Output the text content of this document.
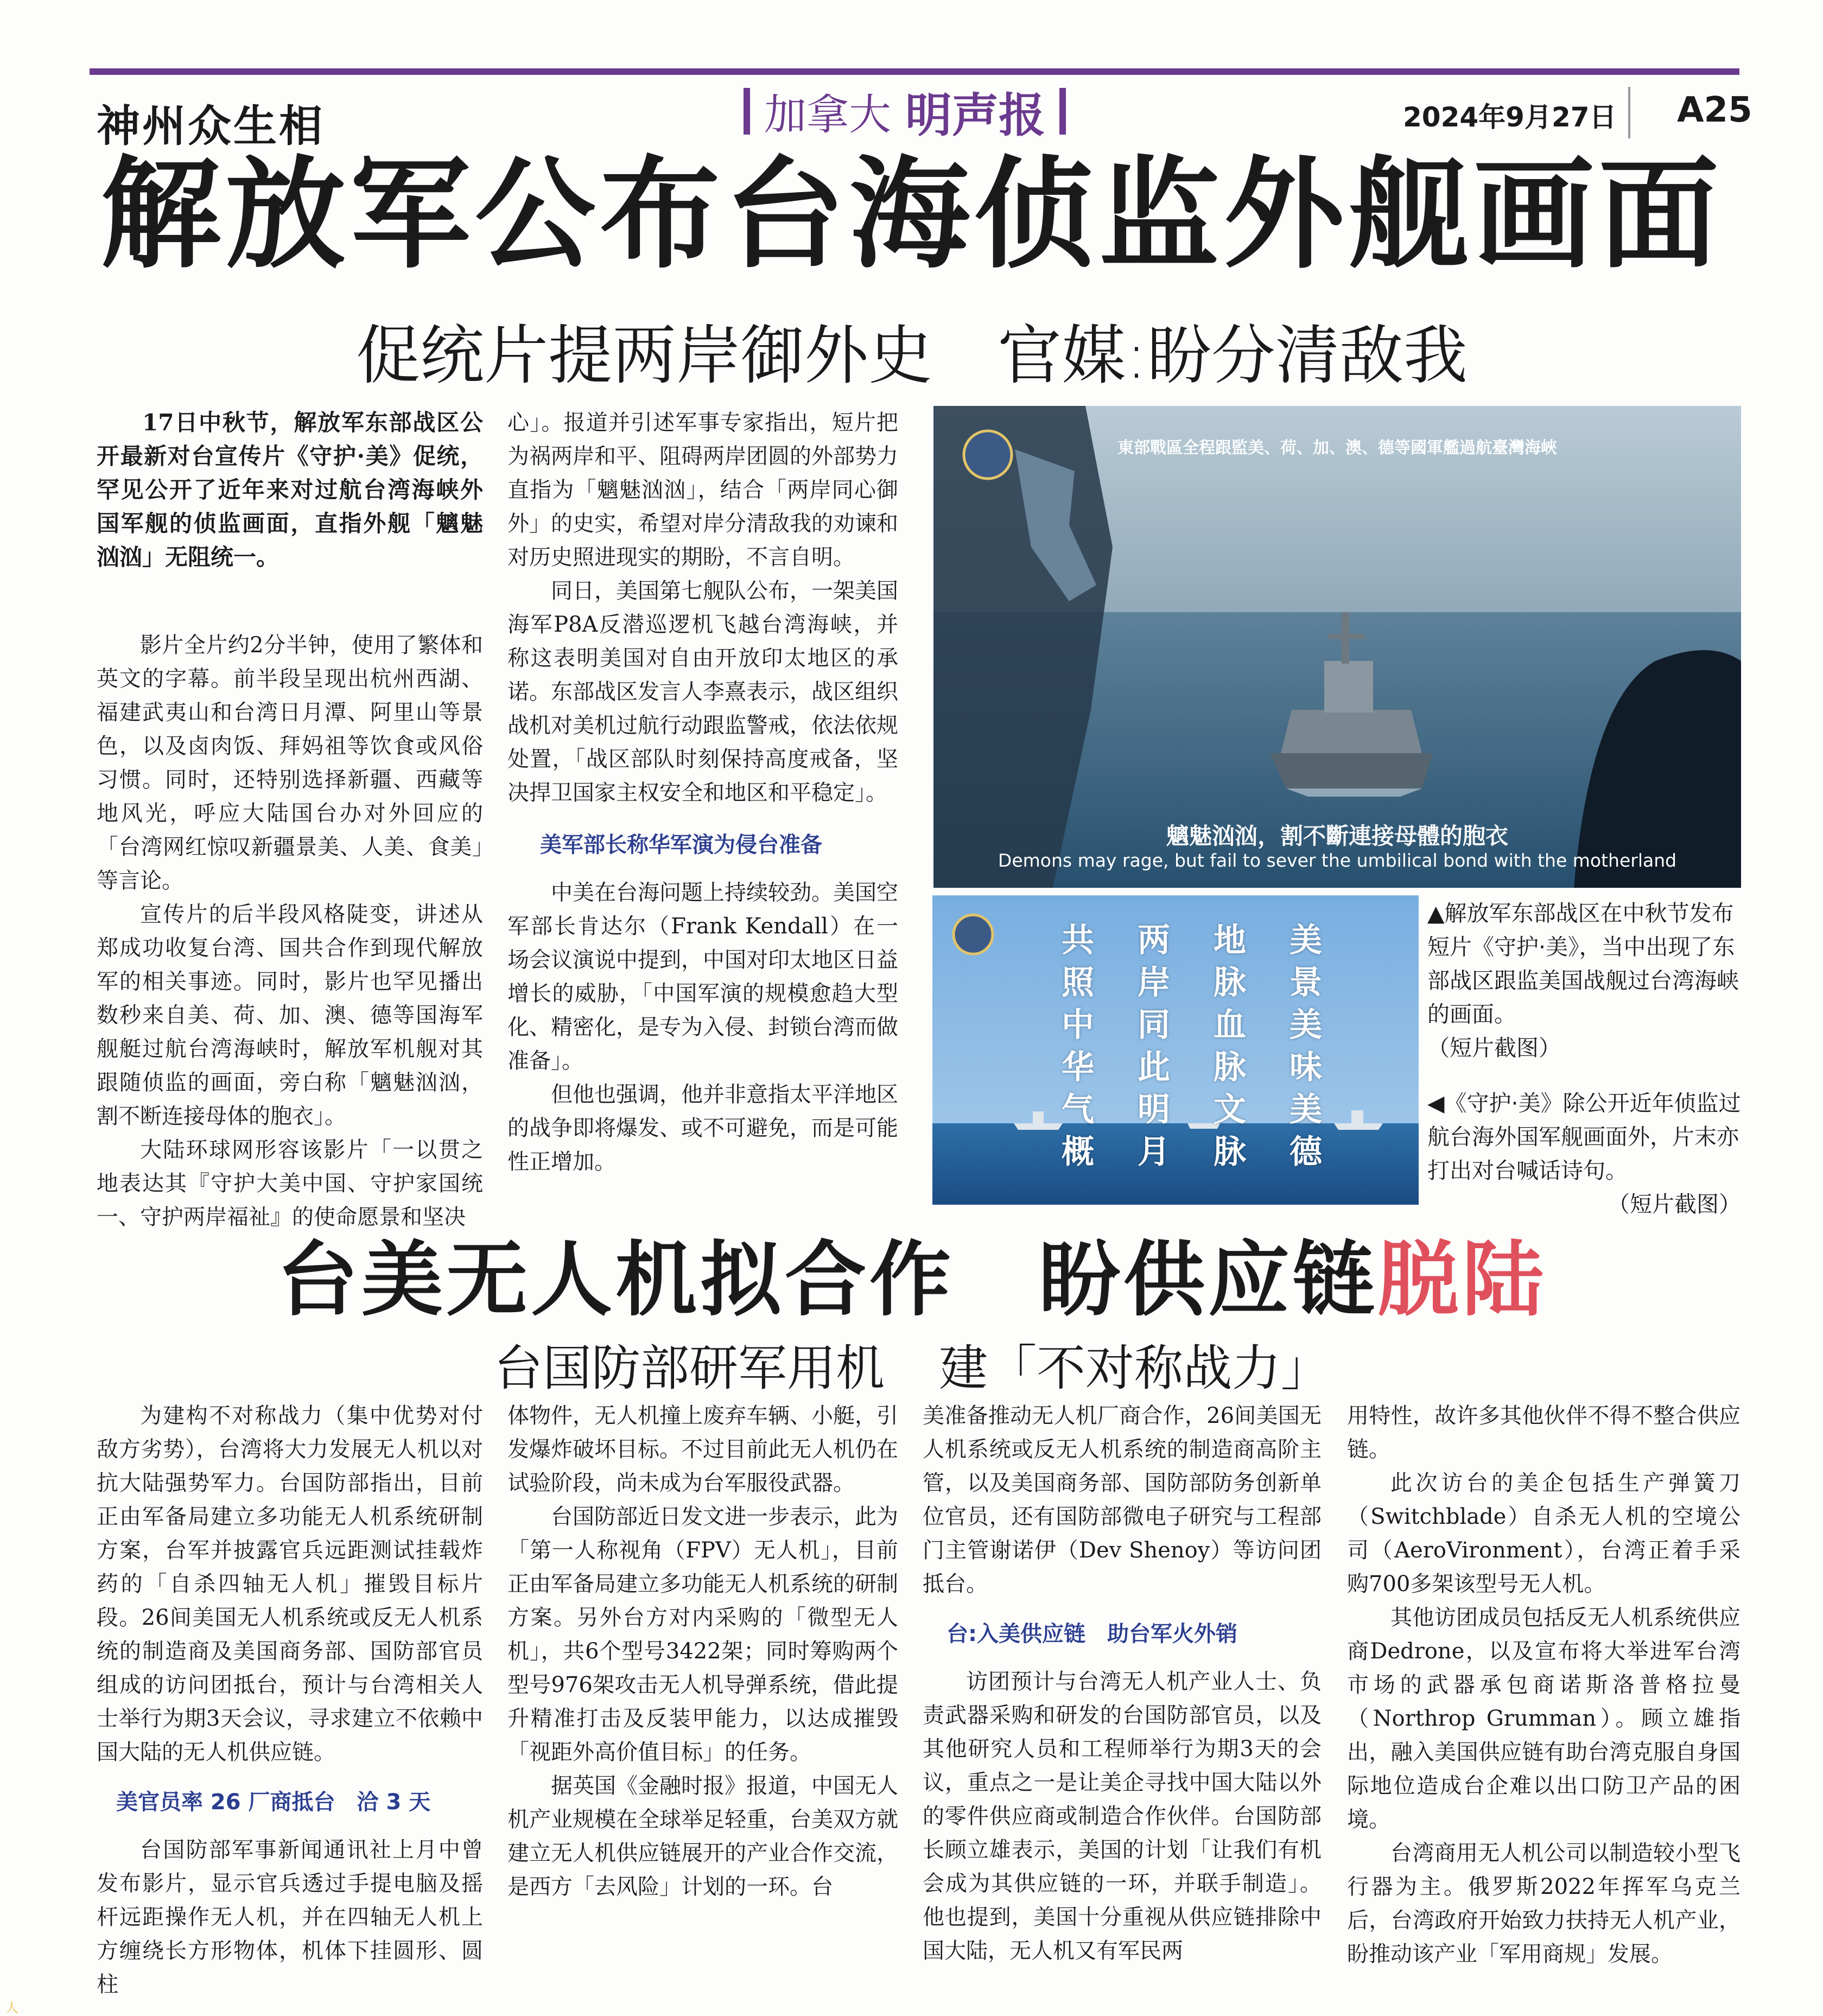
神州众生相	加拿大 明声报	2024年9月27日 A25
解放军公布台海侦监外舰画面
促统片提两岸御外史 官媒:盼分清敌我

17日中秋节，解放军东部战区公开最新对台宣传片《守护·美》促统，罕见公开了近年来对过航台湾海峡外国军舰的侦监画面，直指外舰「魑魅汹汹」无阻统一。

影片全片约2分半钟，使用了繁体和英文的字幕。前半段呈现出杭州西湖、福建武夷山和台湾日月潭、阿里山等景色，以及卤肉饭、拜妈祖等饮食或风俗习惯。同时，还特别选择新疆、西藏等地风光，呼应大陆国台办对外回应的「台湾网红惊叹新疆景美、人美、食美」等言论。

宣传片的后半段风格陡变，讲述从郑成功收复台湾、国共合作到现代解放军的相关事迹。同时，影片也罕见播出数秒来自美、荷、加、澳、德等国海军舰艇过航台湾海峡时，解放军机舰对其跟随侦监的画面，旁白称「魑魅汹汹，割不断连接母体的胞衣」。

大陆环球网形容该影片「一以贯之地表达其『守护大美中国、守护家国统一、守护两岸福祉』的使命愿景和坚决

心」。报道并引述军事专家指出，短片把为祸两岸和平、阻碍两岸团圆的外部势力直指为「魑魅汹汹」，结合「两岸同心御外」的史实，希望对岸分清敌我的劝谏和对历史照进现实的期盼，不言自明。

同日，美国第七舰队公布，一架美国海军P8A反潜巡逻机飞越台湾海峡，并称这表明美国对自由开放印太地区的承诺。东部战区发言人李熹表示，战区组织战机对美机过航行动跟监警戒，依法依规处置，「战区部队时刻保持高度戒备，坚决捍卫国家主权安全和地区和平稳定」。

美军部长称华军演为侵台准备

中美在台海问题上持续较劲。美国空军部长肯达尔（Frank Kendall）在一场会议演说中提到，中国对印太地区日益增长的威胁，「中国军演的规模愈趋大型化、精密化，是专为入侵、封锁台湾而做准备」。

但他也强调，他并非意指太平洋地区的战争即将爆发、或不可避免，而是可能性正增加。

東部戰區全程跟監美、荷、加、澳、德等國軍艦過航臺灣海峽
魑魅汹汹，割不斷連接母體的胞衣
Demons may rage, but fail to sever the umbilical bond with the motherland
美景美味美德
地脉血脉文脉
两岸同此明月
共照中华气概

▲解放军东部战区在中秋节发布短片《守护·美》，当中出现了东部战区跟监美国战舰过台湾海峡的画面。

（短片截图）

◀《守护·美》除公开近年侦监过航台海外国军舰画面外，片末亦打出对台喊话诗句。

（短片截图）

台美无人机拟合作　盼供应链脱陆
台国防部研军用机 建「不对称战力」

为建构不对称战力（集中优势对付敌方劣势），台湾将大力发展无人机以对抗大陆强势军力。台国防部指出，目前正由军备局建立多功能无人机系统研制方案，台军并披露官兵远距测试挂载炸药的「自杀四轴无人机」摧毁目标片段。26间美国无人机系统或反无人机系统的制造商及美国商务部、国防部官员组成的访问团抵台，预计与台湾相关人士举行为期3天会议，寻求建立不依赖中国大陆的无人机供应链。

美官员率 26 厂商抵台　洽 3 天

台国防部军事新闻通讯社上月中曾发布影片，显示官兵透过手提电脑及摇杆远距操作无人机，并在四轴无人机上方缠绕长方形物体，机体下挂圆形、圆柱

体物件，无人机撞上废弃车辆、小艇，引发爆炸破坏目标。不过目前此无人机仍在试验阶段，尚未成为台军服役武器。

台国防部近日发文进一步表示，此为「第一人称视角（FPV）无人机」，目前正由军备局建立多功能无人机系统的研制方案。另外台方对内采购的「微型无人机」，共6个型号3422架；同时筹购两个型号976架攻击无人机导弹系统，借此提升精准打击及反装甲能力，以达成摧毁「视距外高价值目标」的任务。

据英国《金融时报》报道，中国无人机产业规模在全球举足轻重，台美双方就建立无人机供应链展开的产业合作交流，是西方「去风险」计划的一环。台

美准备推动无人机厂商合作，26间美国无人机系统或反无人机系统的制造商高阶主管，以及美国商务部、国防部防务创新单位官员，还有国防部微电子研究与工程部门主管谢诺伊（Dev Shenoy）等访问团抵台。

台:入美供应链　助台军火外销

访团预计与台湾无人机产业人士、负责武器采购和研发的台国防部官员，以及其他研究人员和工程师举行为期3天的会议，重点之一是让美企寻找中国大陆以外的零件供应商或制造合作伙伴。台国防部长顾立雄表示，美国的计划「让我们有机会成为其供应链的一环，并联手制造」。他也提到，美国十分重视从供应链排除中国大陆，无人机又有军民两

用特性，故许多其他伙伴不得不整合供应链。

此次访台的美企包括生产弹簧刀（Switchblade）自杀无人机的空境公司（AeroVironment），台湾正着手采购700多架该型号无人机。

其他访团成员包括反无人机系统供应商Dedrone，以及宣布将大举进军台湾市场的武器承包商诺斯洛普格拉曼（Northrop Grumman）。顾立雄指出，融入美国供应链有助台湾克服自身国际地位造成台企难以出口防卫产品的困境。

台湾商用无人机公司以制造较小型飞行器为主。俄罗斯2022年挥军乌克兰后，台湾政府开始致力扶持无人机产业，盼推动该产业「军用商规」发展。

人
